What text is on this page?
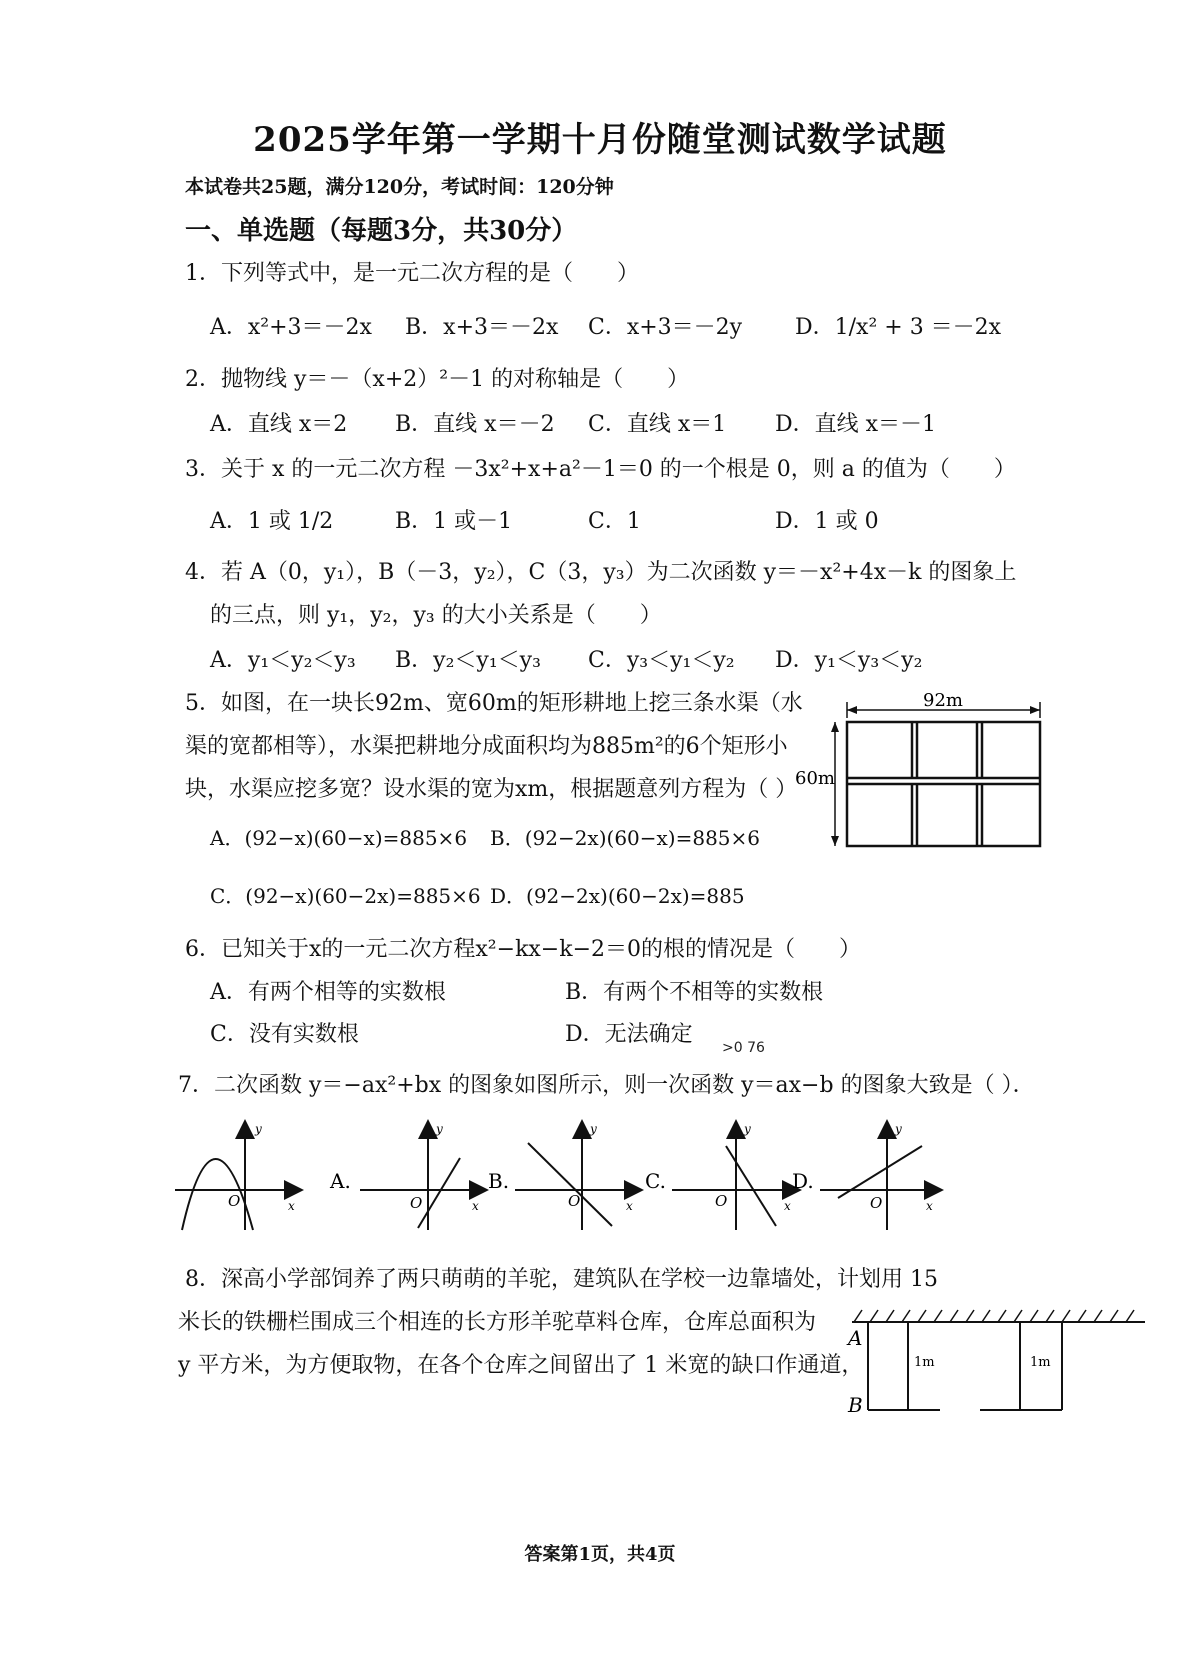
2025学年第一学期十月份随堂测试数学试题
本试卷共25题，满分120分，考试时间：120分钟
一、单选题（每题3分，共30分）
1．下列等式中，是一元二次方程的是（　　）
A．x²+3＝－2x B．x+3＝－2x C．x+3＝－2y D．1/x² + 3 ＝－2x
2．抛物线 y＝－（x+2）²－1 的对称轴是（　　）
A．直线 x＝2 B．直线 x＝－2 C．直线 x＝1 D．直线 x＝－1
3．关于 x 的一元二次方程 －3x²+x+a²－1＝0 的一个根是 0，则 a 的值为（　　）
A．1 或 1/2	B．1 或－1	C．1	D．1 或 0
4．若 A（0，y₁），B（－3，y₂），C（3，y₃）为二次函数 y＝－x²+4x－k 的图象上
的三点，则 y₁，y₂，y₃ 的大小关系是（　　）
A．y₁＜y₂＜y₃ B．y₂＜y₁＜y₃ C．y₃＜y₁＜y₂ D．y₁＜y₃＜y₂
5．如图，在一块长92m、宽60m的矩形耕地上挖三条水渠（水
渠的宽都相等），水渠把耕地分成面积均为885m²的6个矩形小
块，水渠应挖多宽？设水渠的宽为xm，根据题意列方程为（ ）
A．(92−x)(60−x)=885×6 B．(92−2x)(60−x)=885×6
C．(92−x)(60−2x)=885×6 D．(92−2x)(60−2x)=885
92m
60m
6．已知关于x的一元二次方程x²−kx−k−2＝0的根的情况是（　　）
A．有两个相等的实数根	B．有两个不相等的实数根
C．没有实数根	D．无法确定
>0 76
7．二次函数 y＝−ax²+bx 的图象如图所示，则一次函数 y＝ax−b 的图象大致是（ ）．
O
y
x
A.
O
y
x
B.
O
y
x
C.
O
y
x
D.
O
y
x
8．深高小学部饲养了两只萌萌的羊驼，建筑队在学校一边靠墙处，计划用 15
米长的铁栅栏围成三个相连的长方形羊驼草料仓库，仓库总面积为
y 平方米，为方便取物，在各个仓库之间留出了 1 米宽的缺口作通道，
A
B
1m	1m
答案第1页，共4页
